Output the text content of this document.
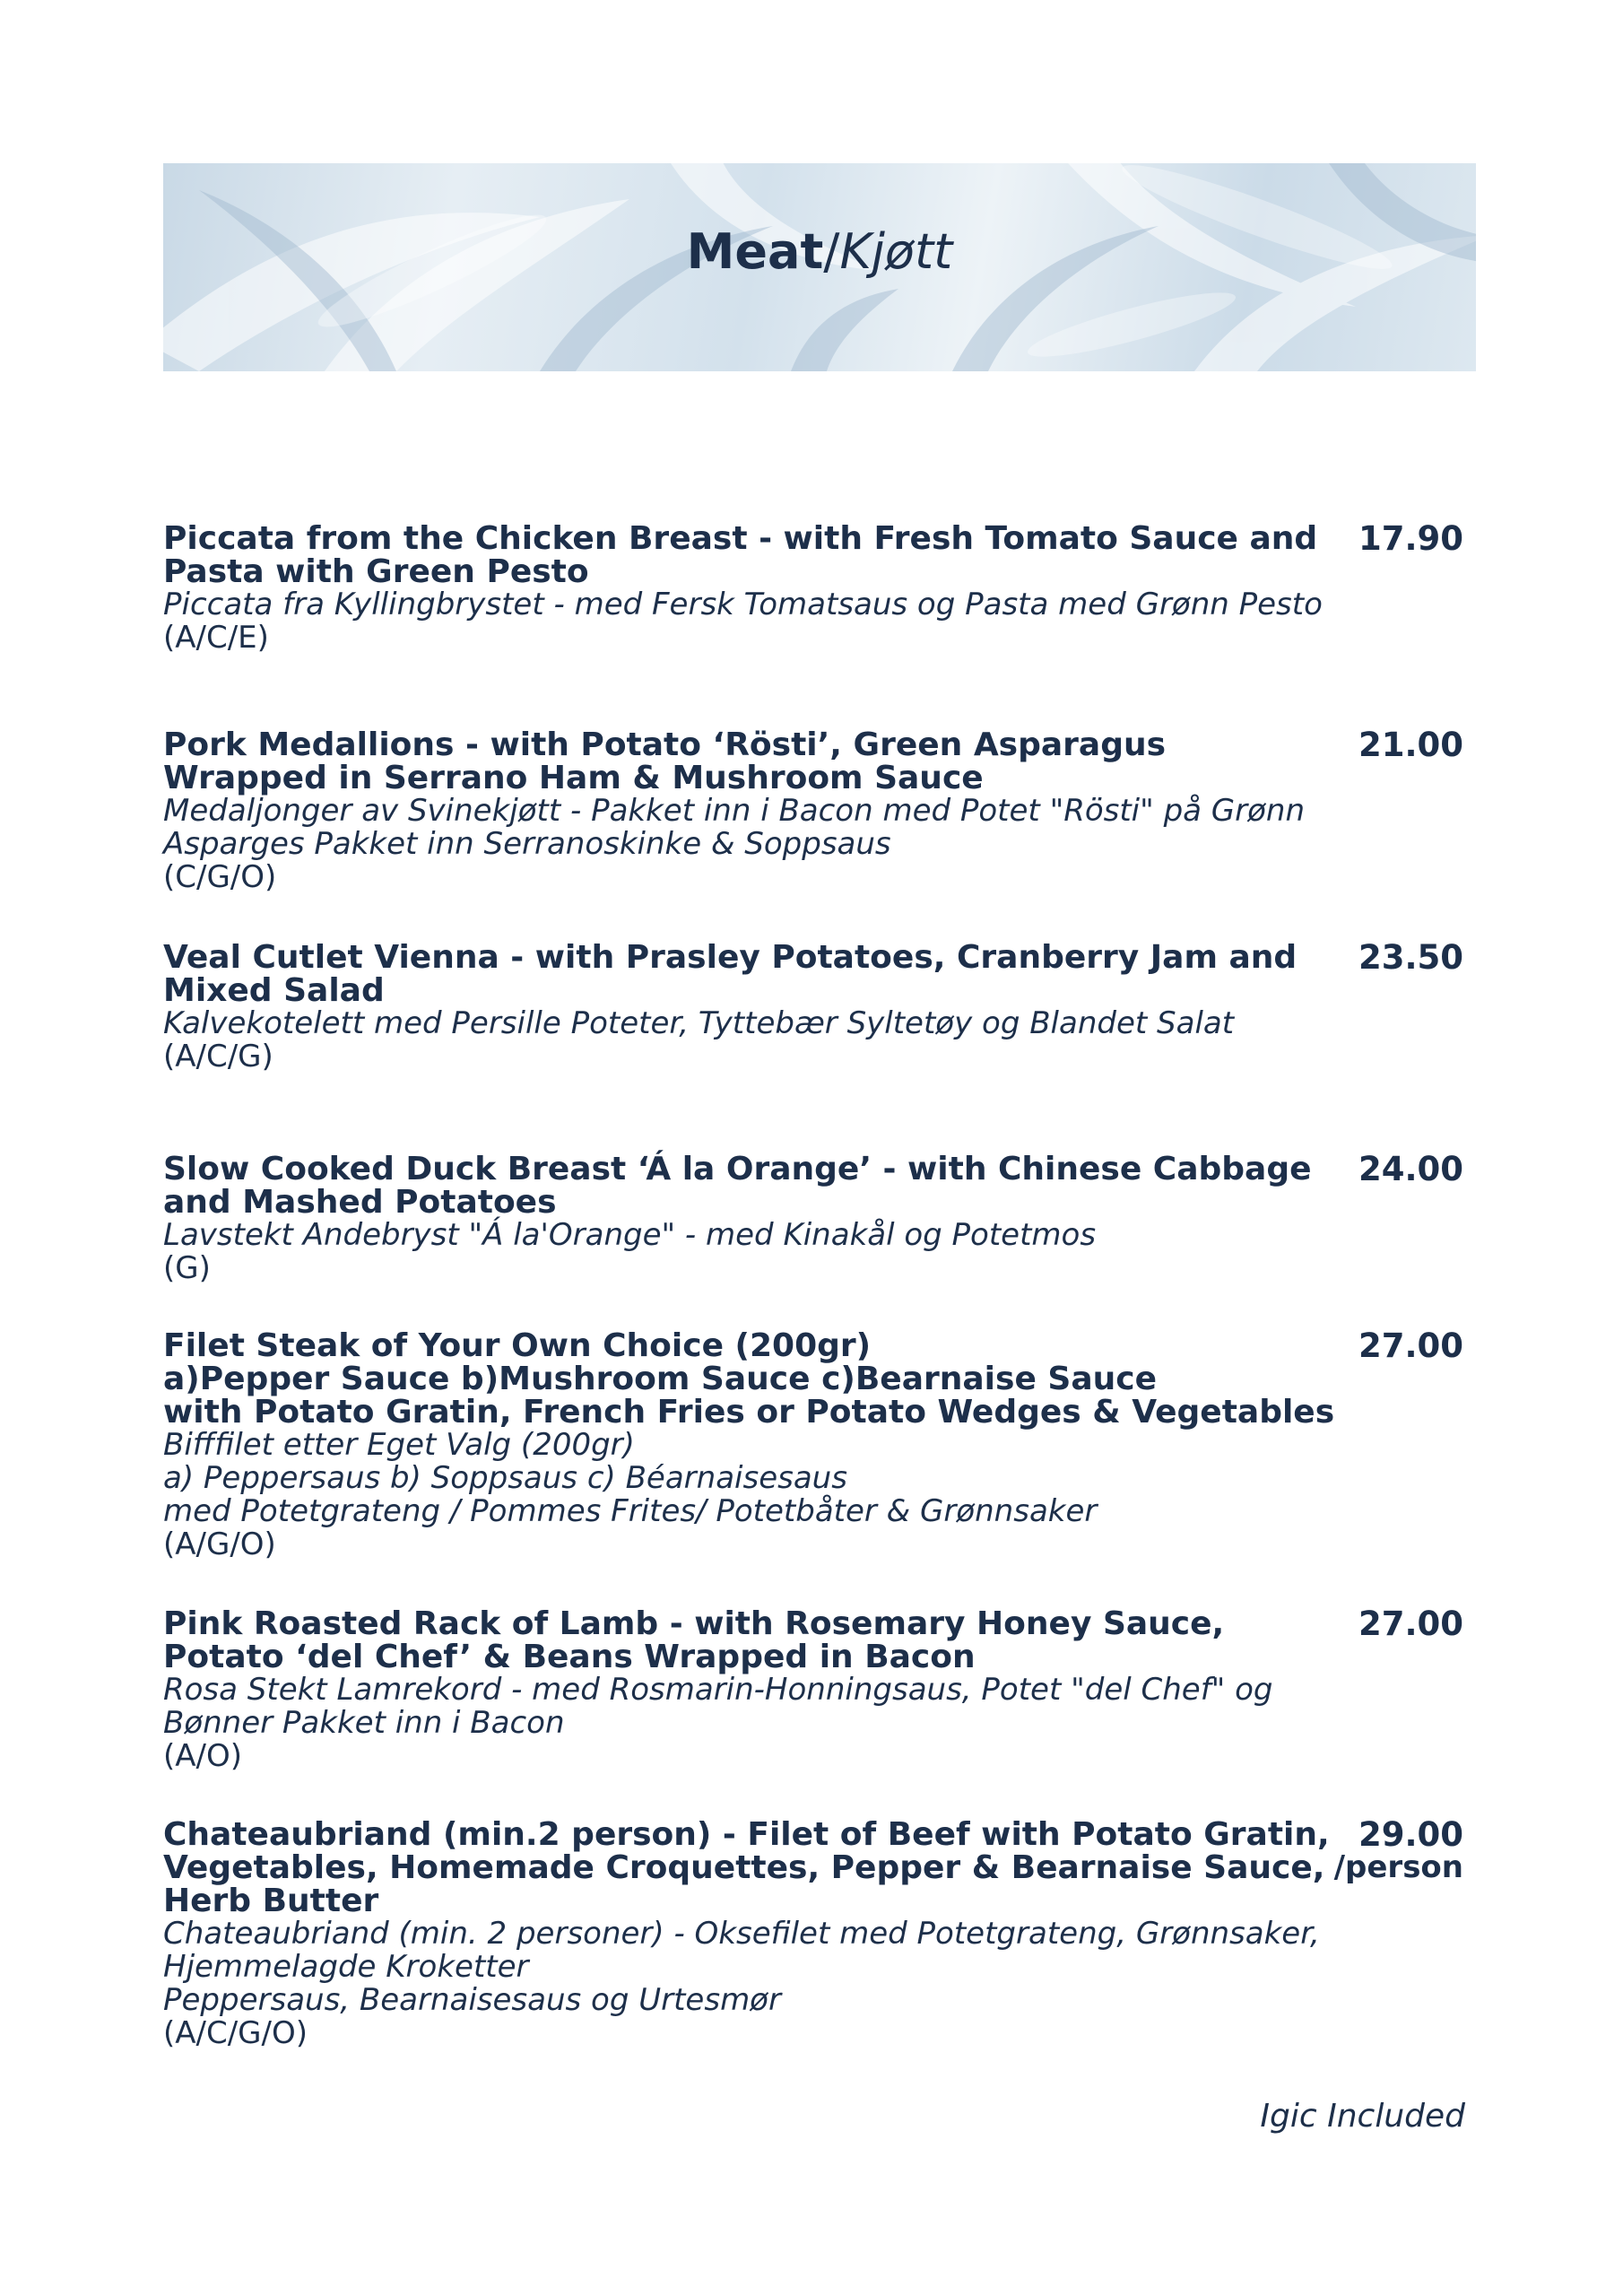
Meat/Kjøtt

Piccata from the Chicken Breast - with Fresh Tomato Sauce and Pasta with Green Pesto

Piccata fra Kyllingbrystet - med Fersk Tomatsaus og Pasta med Grønn Pesto

(A/C/E)

17.90

Pork Medallions - with Potato ‘Rösti’, Green Asparagus Wrapped in Serrano Ham & Mushroom Sauce

Medaljonger av Svinekjøtt - Pakket inn i Bacon med Potet "Rösti" på Grønn Asparges Pakket inn Serranoskinke & Soppsaus

(C/G/O)

21.00

Veal Cutlet Vienna - with Prasley Potatoes, Cranberry Jam and Mixed Salad

Kalvekotelett med Persille Poteter, Tyttebær Syltetøy og Blandet Salat

(A/C/G)

23.50

Slow Cooked Duck Breast ‘Á la Orange’ - with Chinese Cabbage and Mashed Potatoes

Lavstekt Andebryst "Á la'Orange" - med Kinakål og Potetmos

(G)

24.00

Filet Steak of Your Own Choice (200gr)

a)Pepper Sauce b)Mushroom Sauce c)Bearnaise Sauce

with Potato Gratin, French Fries or Potato Wedges & Vegetables

Bifffilet etter Eget Valg (200gr)

a) Peppersaus b) Soppsaus c) Béarnaisesaus

med Potetgrateng / Pommes Frites/ Potetbåter & Grønnsaker

(A/G/O)

27.00

Pink Roasted Rack of Lamb - with Rosemary Honey Sauce, Potato ‘del Chef’ & Beans Wrapped in Bacon

Rosa Stekt Lamrekord - med Rosmarin-Honningsaus, Potet "del Chef" og Bønner Pakket inn i Bacon

(A/O)

27.00

Chateaubriand (min.2 person) - Filet of Beef with Potato Gratin, Vegetables, Homemade Croquettes, Pepper & Bearnaise Sauce, Herb Butter

Chateaubriand (min. 2 personer) - Oksefilet med Potetgrateng, Grønnsaker, Hjemmelagde Kroketter

Peppersaus, Bearnaisesaus og Urtesmør

(A/C/G/O)

29.00
/person
Igic Included
